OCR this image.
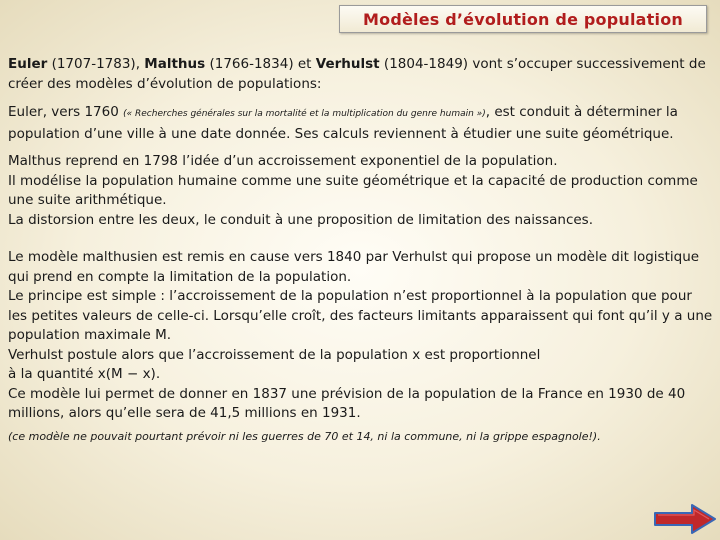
Modèles d’évolution de population

Euler (1707-1783), Malthus (1766-1834) et Verhulst (1804-1849) vont s’occuper successivement de créer des modèles d’évolution de populations:

Euler, vers 1760 (« Recherches générales sur la mortalité et la multiplication du genre humain »), est conduit à déterminer la population d’une ville à une date donnée. Ses calculs reviennent à étudier une suite géométrique.

Malthus reprend en 1798 l’idée d’un accroissement exponentiel de la population.

Il modélise la population humaine comme une suite géométrique et la capacité de production comme une suite arithmétique.

La distorsion entre les deux, le conduit à une proposition de limitation des naissances.

Le modèle malthusien est remis en cause vers 1840 par Verhulst qui propose un modèle dit logistique qui prend en compte la limitation de la population.

Le principe est simple : l’accroissement de la population n’est proportionnel à la population que pour les petites valeurs de celle-ci. Lorsqu’elle croît, des facteurs limitants apparaissent qui font qu’il y a une population maximale M.

Verhulst postule alors que l’accroissement de la population x est proportionnel

à la quantité x(M − x).

Ce modèle lui permet de donner en 1837 une prévision de la population de la France en 1930 de 40 millions, alors qu’elle sera de 41,5 millions en 1931.

(ce modèle ne pouvait pourtant prévoir ni les guerres de 70 et 14, ni la commune, ni la grippe espagnole!).
